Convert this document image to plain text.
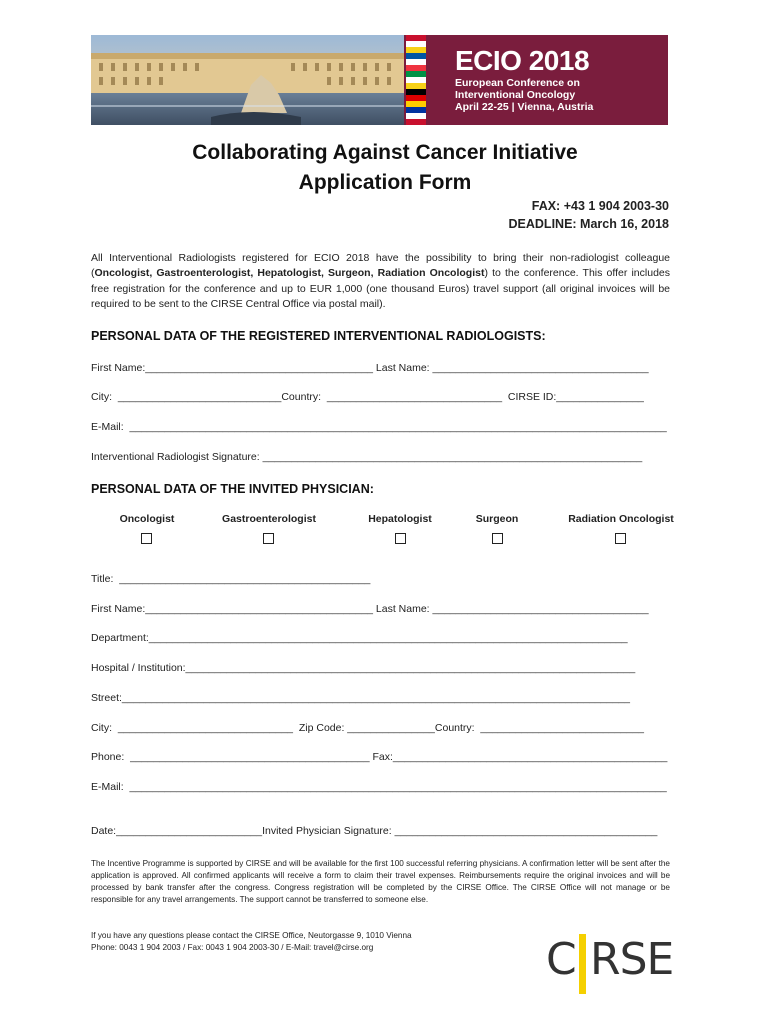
ECIO 2018
European Conference on
Interventional Oncology
April 22-25 | Vienna, Austria
Collaborating Against Cancer Initiative
Application Form
FAX: +43 1 904 2003-30
DEADLINE: March 16, 2018
All Interventional Radiologists registered for ECIO 2018 have the possibility to bring their non-radiologist colleague (Oncologist, Gastroenterologist, Hepatologist, Surgeon, Radiation Oncologist) to the conference. This offer includes free registration for the conference and up to EUR 1,000 (one thousand Euros) travel support (all original invoices will be required to be sent to the CIRSE Central Office via postal mail).
PERSONAL DATA OF THE REGISTERED INTERVENTIONAL RADIOLOGISTS:
First Name:_______________________________________ Last Name: _____________________________________
City:  ____________________________Country:  ______________________________  CIRSE ID:_______________
E-Mail:  ____________________________________________________________________________________________
Interventional Radiologist Signature: _________________________________________________________________
PERSONAL DATA OF THE INVITED PHYSICIAN:
Oncologist	Gastroenterologist	Hepatologist	Surgeon	Radiation Oncologist
Title:  ___________________________________________
First Name:_______________________________________ Last Name: _____________________________________
Department:__________________________________________________________________________________
Hospital / Institution:_____________________________________________________________________________
Street:_______________________________________________________________________________________
City:  ______________________________  Zip Code: _______________Country:  ____________________________
Phone:  _________________________________________ Fax:_______________________________________________
E-Mail:  ____________________________________________________________________________________________
Date:_________________________Invited Physician Signature: _____________________________________________
The Incentive Programme is supported by CIRSE and will be available for the first 100 successful referring physicians. A confirmation letter will be sent after the application is approved. All confirmed applicants will receive a form to claim their travel expenses. Reimbursements require the original invoices and will be processed by bank transfer after the congress. Congress registration will be completed by the CIRSE Office. The CIRSE Office will not manage or be responsible for any travel arrangements. The support cannot be transferred to someone else.
If you have any questions please contact the CIRSE Office, Neutorgasse 9, 1010 Vienna
Phone: 0043 1 904 2003 / Fax: 0043 1 904 2003-30 / E-Mail: travel@cirse.org	C RSE
